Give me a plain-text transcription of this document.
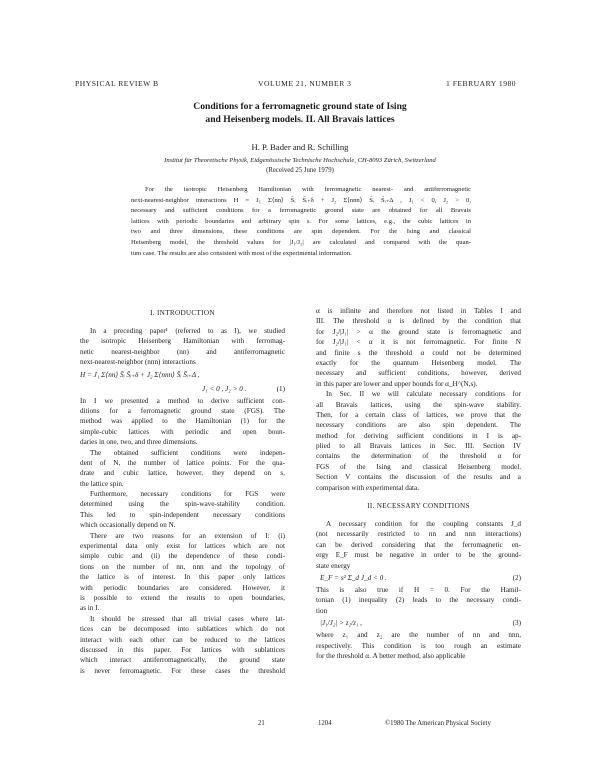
PHYSICAL REVIEW B	VOLUME 21, NUMBER 3	1 FEBRUARY 1980
Conditions for a ferromagnetic ground state of Ising
and Heisenberg models. II. All Bravais lattices
H. P. Bader and R. Schilling
Institut für Theoretische Physik, Eidgenössische Technische Hochschule, CH-8093 Zürich, Switzerland
(Received 25 June 1979)
For the isotropic Heisenberg Hamiltonian with ferromagnetic nearest- and antiferromagnetic
next-nearest-neighbor interactions H = J₁ Σ⟨nn⟩ S̄ᵢ S̄ᵢ₊δ + J₂ Σ⟨nnn⟩ S̄ᵢ S̄ᵢ₊Δ , J₁ < 0, J₂ > 0,
necessary and sufficient conditions for a ferromagnetic ground state are obtained for all Bravais
lattices with periodic boundaries and arbitrary spin s. For some lattices, e.g., the cubic lattices in
two and three dimensions, these conditions are spin dependent. For the Ising and classical
Heisenberg model, the threshold values for |J₁/J₂| are calculated and compared with the quan-
tum case. The results are also consistent with most of the experimental information.
I. INTRODUCTION
In a preceding paper¹ (referred to as I), we studied
the isotropic Heisenberg Hamiltonian with ferromag-
netic nearest-neighbor (nn) and antiferromagnetic
next-nearest-neighbor (nnn) interactions
H = J₁ Σ⟨nn⟩ S̄ᵢ S̄ᵢ₊δ + J₂ Σ⟨nnn⟩ S̄ᵢ S̄ᵢ₊Δ ,
J₁ < 0 , J₂ > 0 .	(1)
In I we presented a method to derive sufficient con-
ditions for a ferromagnetic ground state (FGS). The
method was applied to the Hamiltonian (1) for the
simple-cubic lattices with periodic and open boun-
daries in one, two, and three dimensions.
The obtained sufficient conditions were indepen-
dent of N, the number of lattice points. For the qua-
drate and cubic lattice, however, they depend on s,
the lattice spin.
Furthermore, necessary conditions for FGS were
determined using the spin-wave-stability condition.
This led to spin-independent necessary conditions
which occasionally depend on N.
There are two reasons for an extension of I: (i)
experimental data only exist for lattices which are not
simple cubic and (ii) the dependence of these condi-
tions on the number of nn, nnn and the topology of
the lattice is of interest. In this paper only lattices
with periodic boundaries are considered. However, it
is possible to extend the results to open boundaries,
as in I.
It should be stressed that all trivial cases where lat-
tices can be decomposed into sublattices which do not
interact with each other can be reduced to the lattices
discussed in this paper. For lattices with sublattices
which interact antiferromagnetically, the ground state
is never ferromagnetic. For these cases the threshold
α is infinite and therefore not listed in Tables I and
III. The threshold α is defined by the condition that
for J₂/|J₁| > α the ground state is ferromagnetic and
for J₂/|J₁| < α it is not ferromagnetic. For finite N
and finite s the threshold α could not be determined
exactly for the quantum Heisenberg model. The
necessary and sufficient conditions, however, derived
in this paper are lower and upper bounds for α_H^(N,s).
In Sec. II we will calculate necessary conditions for
all Bravais lattices, using the spin-wave stability.
Then, for a certain class of lattices, we prove that the
necessary conditions are also spin dependent. The
method for deriving sufficient conditions in I is ap-
plied to all Bravais lattices in Sec. III. Section IV
contains the determination of the threshold α for
FGS of the Ising and classical Heisenberg model.
Section V contains the discussion of the results and a
comparison with experimental data.
II. NECESSARY CONDITIONS
A necessary condition for the coupling constants J_d
(not necessarily restricted to nn and nnn interactions)
can be derived considering that the ferromagnetic en-
ergy E_F must be negative in order to be the ground-
state energy
E_F = s² Σ_d J_d < 0 .	(2)
This is also true if H = 0. For the Hamil-
tonian (1) inequality (2) leads to the necessary condi-
tion
|J₁/J₂| > z₂/z₁ ,	(3)
where z₁ and z₂ are the number of nn and nnn,
respectively. This condition is too rough an estimate
for the threshold α. A better method, also applicable
21	1204	©1980 The American Physical Society
